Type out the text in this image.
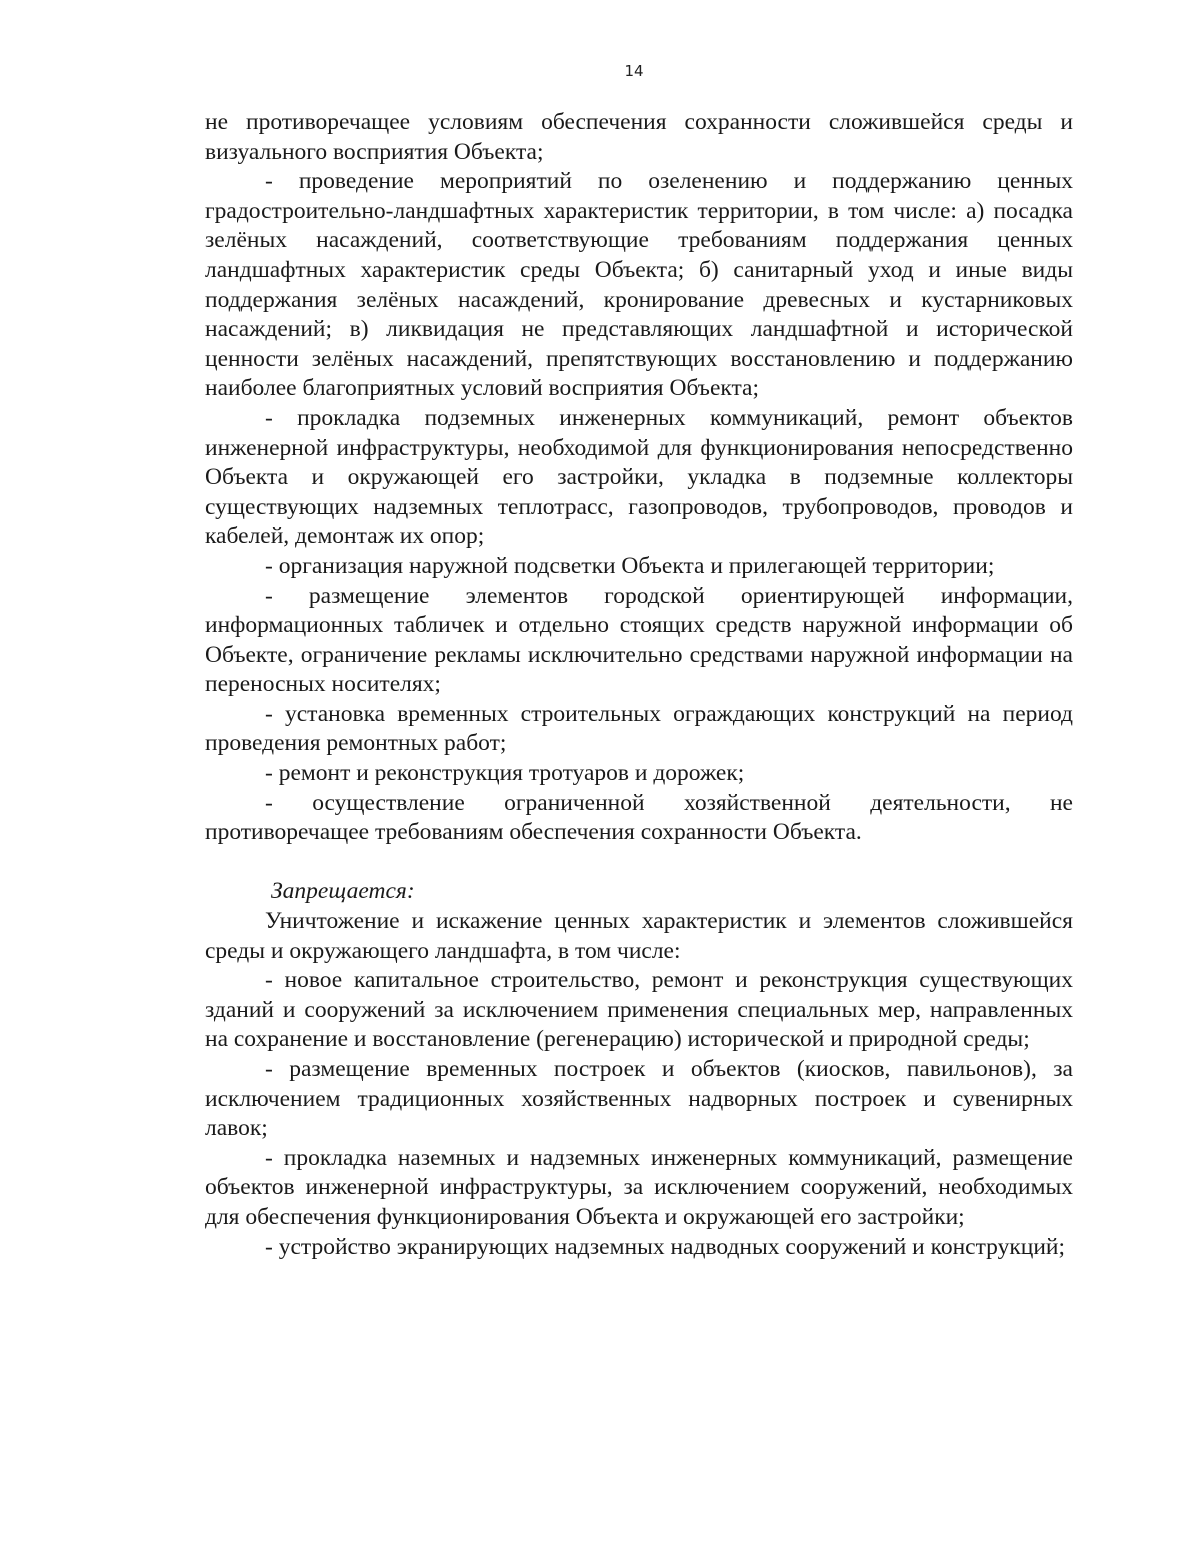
14

не противоречащее условиям обеспечения сохранности сложившейся среды и визуального восприятия Объекта;

- проведение мероприятий по озеленению и поддержанию ценных градостроительно-ландшафтных характеристик территории, в том числе: а) посадка зелёных насаждений, соответствующие требованиям поддержания ценных ландшафтных характеристик среды Объекта; б) санитарный уход и иные виды поддержания зелёных насаждений, кронирование древесных и кустарниковых насаждений; в) ликвидация не представляющих ландшафтной и исторической ценности зелёных насаждений, препятствующих восстановлению и поддержанию наиболее благоприятных условий восприятия Объекта;

- прокладка подземных инженерных коммуникаций, ремонт объектов инженерной инфраструктуры, необходимой для функционирования непосредственно Объекта и окружающей его застройки, укладка в подземные коллекторы существующих надземных теплотрасс, газопроводов, трубопроводов, проводов и кабелей, демонтаж их опор;

- организация наружной подсветки Объекта и прилегающей территории;

- размещение элементов городской ориентирующей информации, информационных табличек и отдельно стоящих средств наружной информации об Объекте, ограничение рекламы исключительно средствами наружной информации на переносных носителях;

- установка временных строительных ограждающих конструкций на период проведения ремонтных работ;

- ремонт и реконструкция тротуаров и дорожек;

- осуществление ограниченной хозяйственной деятельности, не противоречащее требованиям обеспечения сохранности Объекта.

Запрещается:

Уничтожение и искажение ценных характеристик и элементов сложившейся среды и окружающего ландшафта, в том числе:

- новое капитальное строительство, ремонт и реконструкция существующих зданий и сооружений за исключением применения специальных мер, направленных на сохранение и восстановление (регенерацию) исторической и природной среды;

- размещение временных построек и объектов (киосков, павильонов), за исключением традиционных хозяйственных надворных построек и сувенирных лавок;

- прокладка наземных и надземных инженерных коммуникаций, размещение объектов инженерной инфраструктуры, за исключением сооружений, необходимых для обеспечения функционирования Объекта и окружающей его застройки;

- устройство экранирующих надземных надводных сооружений и конструкций;
